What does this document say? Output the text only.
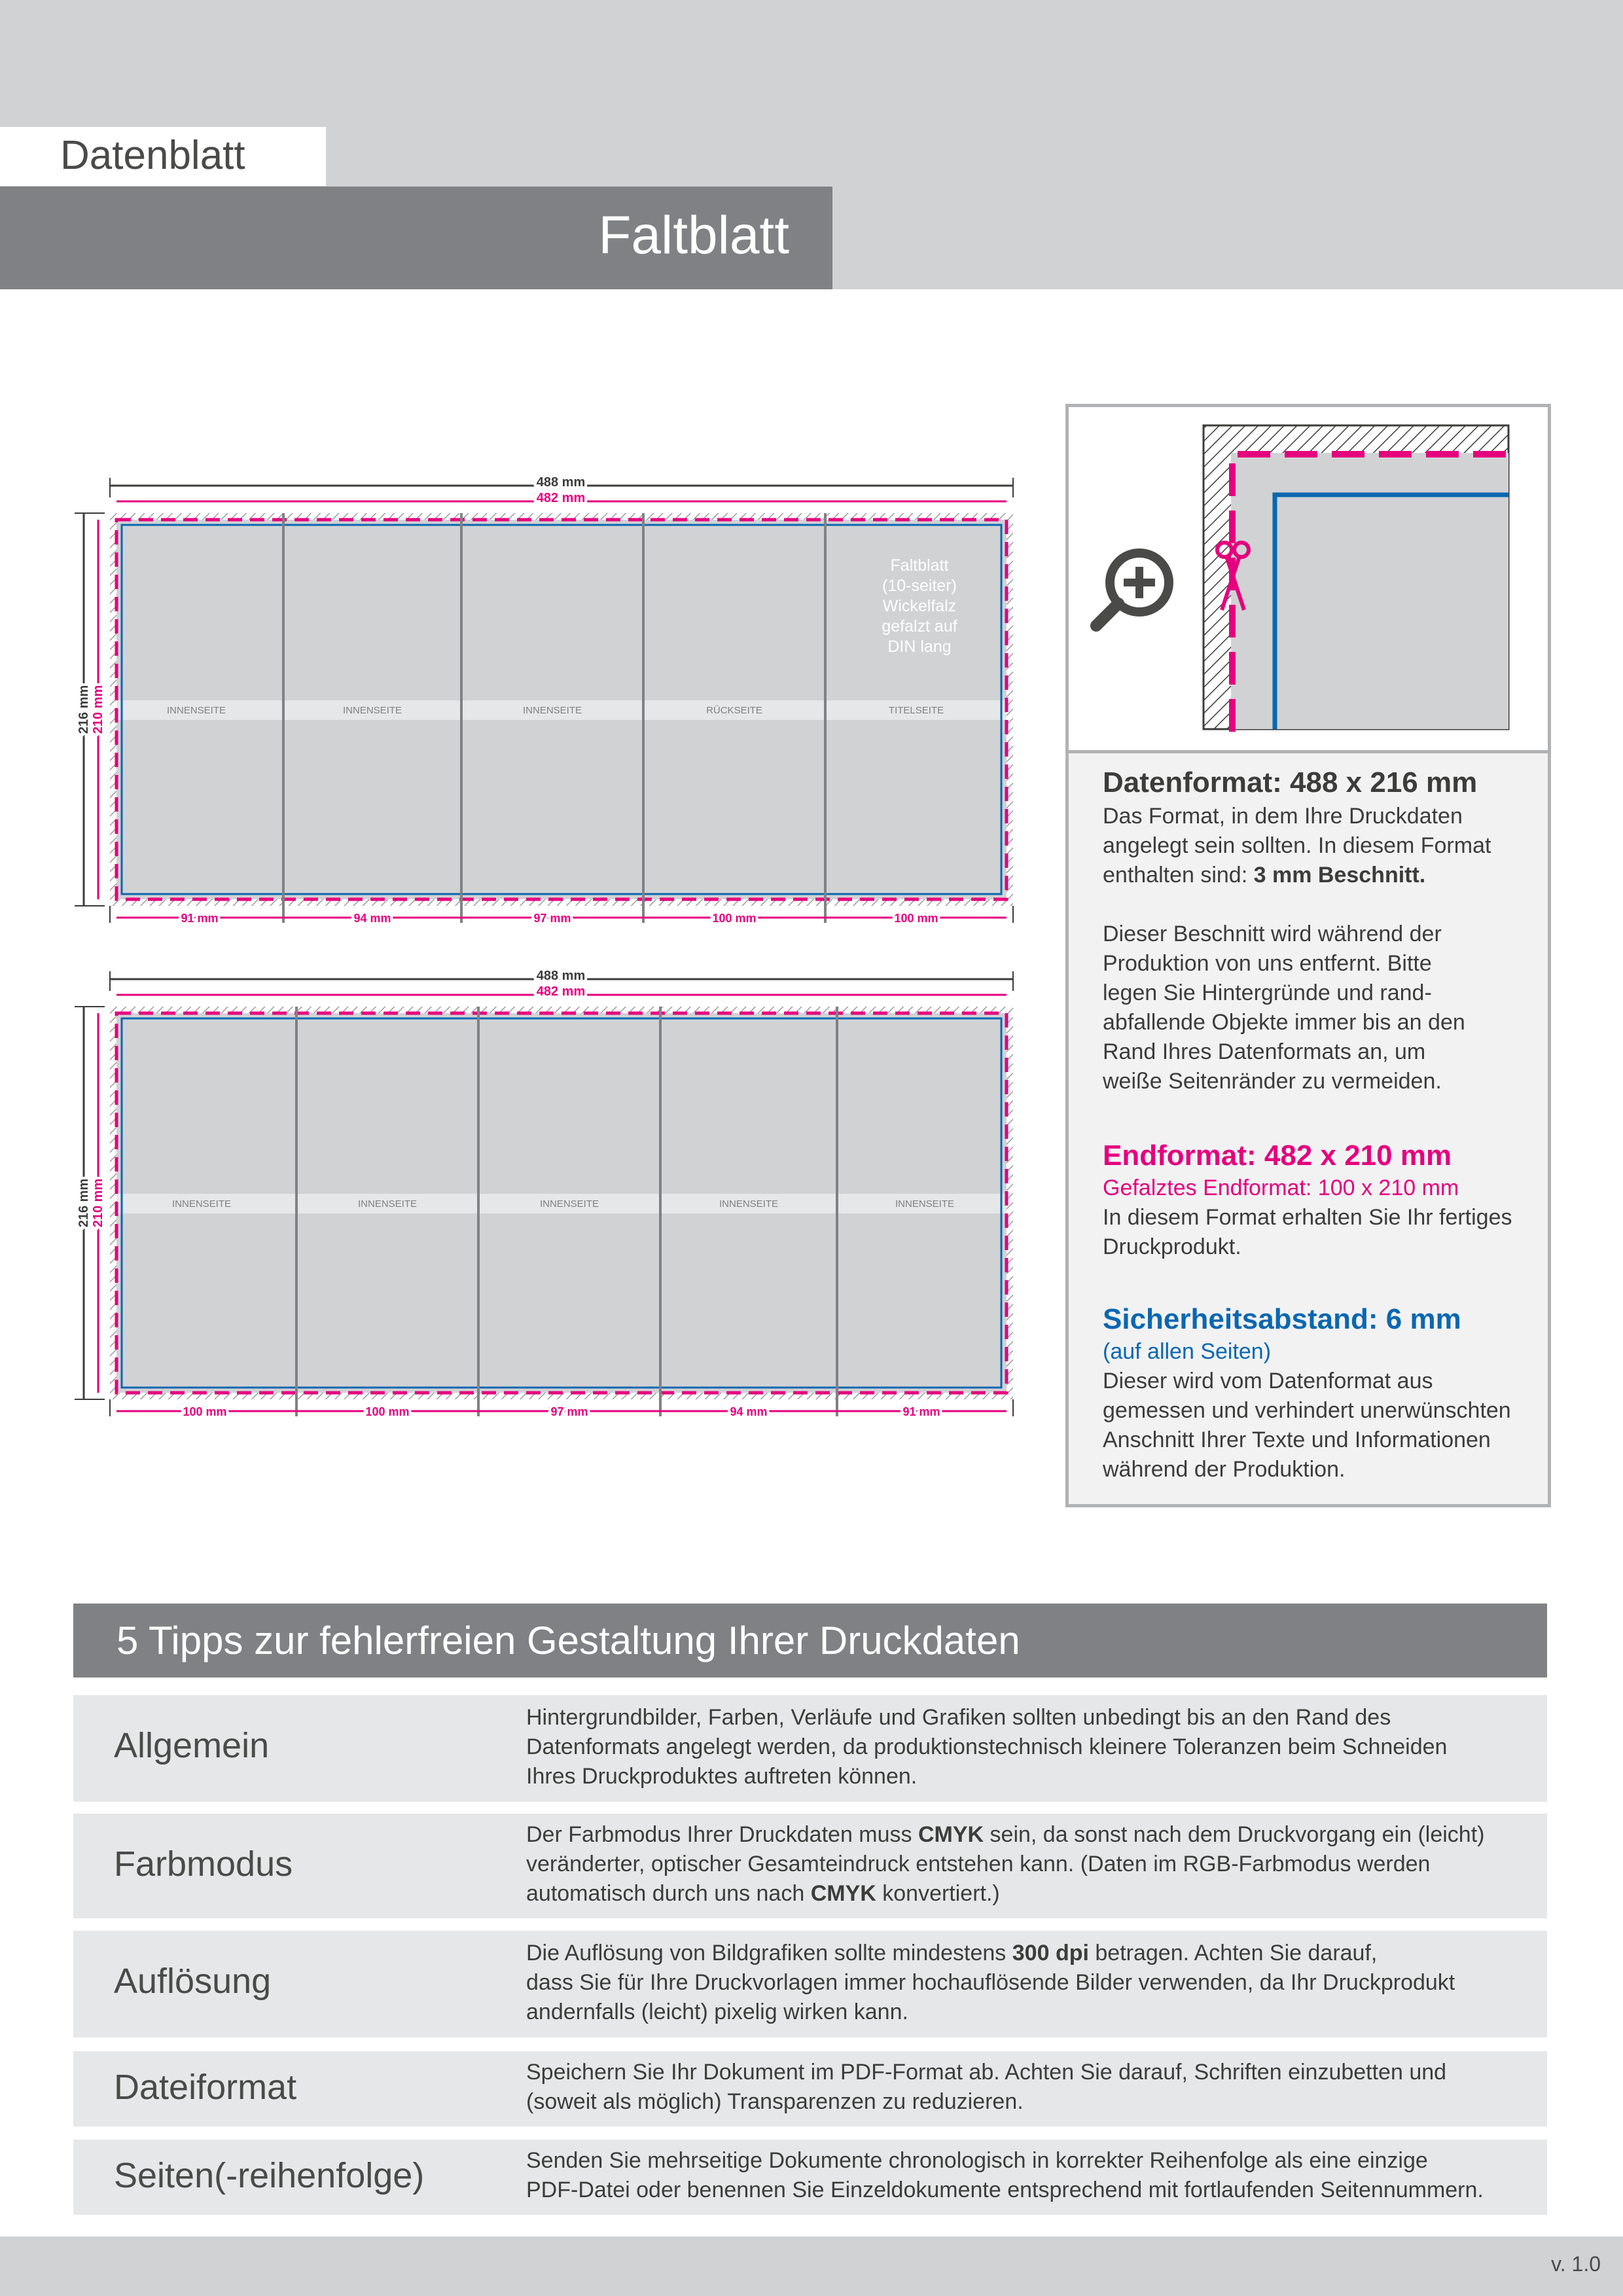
Datenblatt
Faltblatt
488 mm
482 mm
216 mm 210 mm	INNENSEITE	INNENSEITE	INNENSEITE	RÜCKSEITE	TITELSEITE
Faltblatt
(10-seiter)
Wickelfalz
gefalzt auf
DIN lang
91 mm	94 mm	97 mm	100 mm	100 mm
488 mm
482 mm
216 mm 210 mm	INNENSEITE	INNENSEITE	INNENSEITE	INNENSEITE	INNENSEITE
100 mm	100 mm	97 mm	94 mm	91 mm
Datenformat: 488 x 216 mm
Das Format, in dem Ihre Druckdaten
angelegt sein sollten. In diesem Format
enthalten sind: 3 mm Beschnitt.
Dieser Beschnitt wird während der
Produktion von uns entfernt. Bitte
legen Sie Hintergründe und rand-
abfallende Objekte immer bis an den
Rand Ihres Datenformats an, um
weiße Seitenränder zu vermeiden.
Endformat: 482 x 210 mm
Gefalztes Endformat: 100 x 210 mm
In diesem Format erhalten Sie Ihr fertiges
Druckprodukt.
Sicherheitsabstand: 6 mm
(auf allen Seiten)
Dieser wird vom Datenformat aus
gemessen und verhindert unerwünschten
Anschnitt Ihrer Texte und Informationen
während der Produktion.
5 Tipps zur fehlerfreien Gestaltung Ihrer Druckdaten
Allgemein
Hintergrundbilder, Farben, Verläufe und Grafiken sollten unbedingt bis an den Rand des
Datenformats angelegt werden, da produktionstechnisch kleinere Toleranzen beim Schneiden
Ihres Druckproduktes auftreten können.
Farbmodus
Der Farbmodus Ihrer Druckdaten muss CMYK sein, da sonst nach dem Druckvorgang ein (leicht)
veränderter, optischer Gesamteindruck entstehen kann. (Daten im RGB-Farbmodus werden
automatisch durch uns nach CMYK konvertiert.)
Auflösung
Die Auflösung von Bildgrafiken sollte mindestens 300 dpi betragen. Achten Sie darauf,
dass Sie für Ihre Druckvorlagen immer hochauflösende Bilder verwenden, da Ihr Druckprodukt
andernfalls (leicht) pixelig wirken kann.
Dateiformat	Speichern Sie Ihr Dokument im PDF-Format ab. Achten Sie darauf, Schriften einzubetten und
(soweit als möglich) Transparenzen zu reduzieren.
Seiten(-reihenfolge)	Senden Sie mehrseitige Dokumente chronologisch in korrekter Reihenfolge als eine einzige
PDF-Datei oder benennen Sie Einzeldokumente entsprechend mit fortlaufenden Seitennummern.
v. 1.0
